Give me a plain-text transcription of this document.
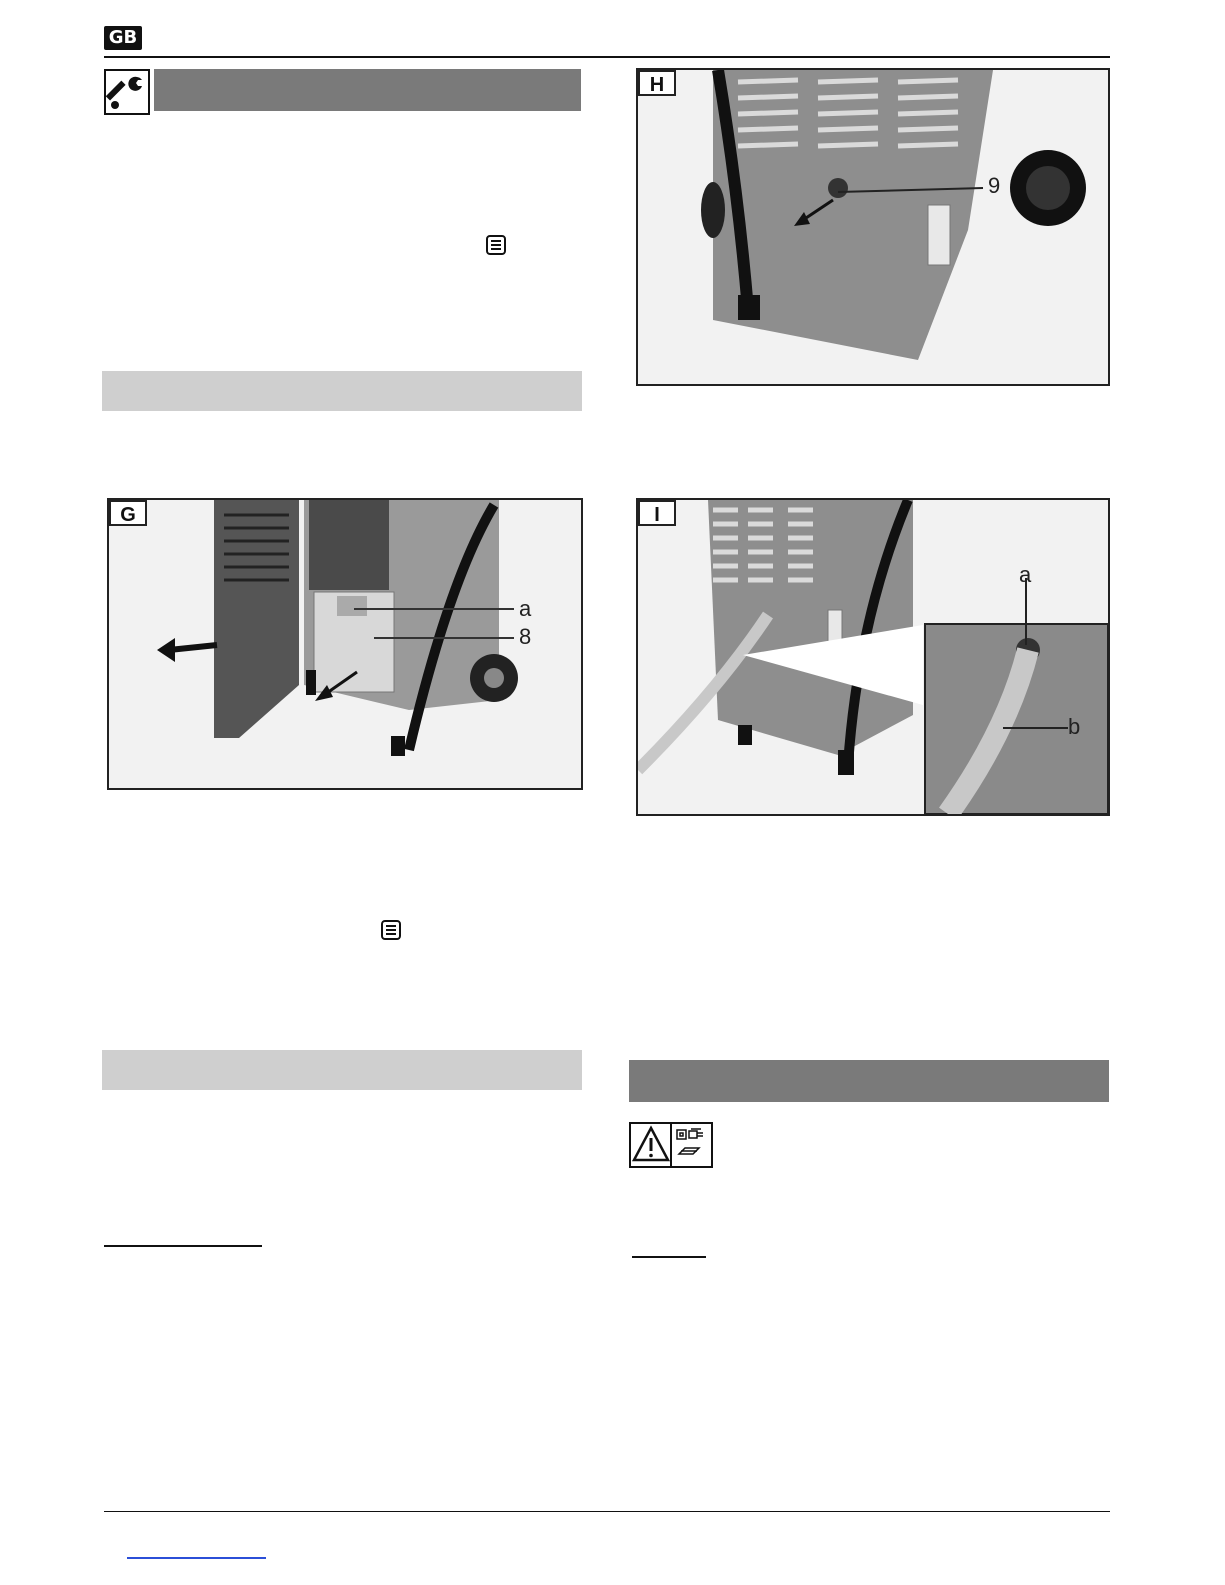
GB
G
a
8
H
9
I
a
b
